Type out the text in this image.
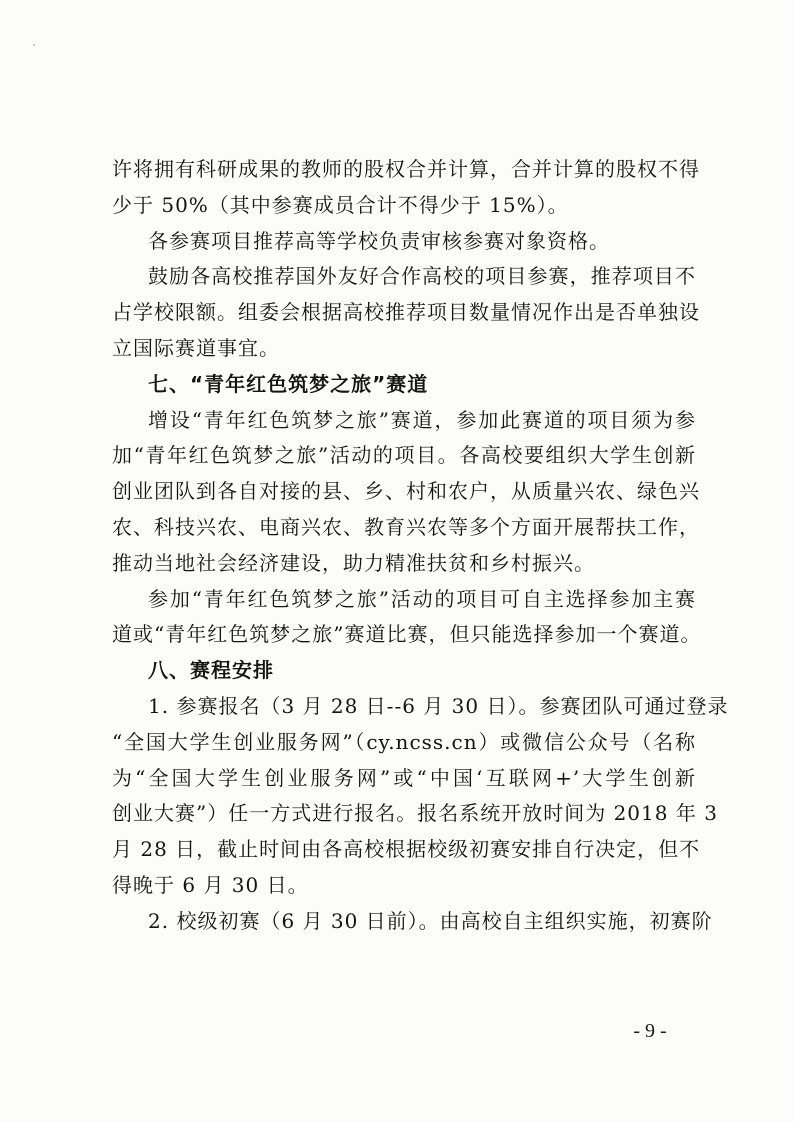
许将拥有科研成果的教师的股权合并计算，合并计算的股权不得
少于 50%（其中参赛成员合计不得少于 15%）。
各参赛项目推荐高等学校负责审核参赛对象资格。
鼓励各高校推荐国外友好合作高校的项目参赛，推荐项目不
占学校限额。组委会根据高校推荐项目数量情况作出是否单独设
立国际赛道事宜。
七、“青年红色筑梦之旅”赛道
增设“青年红色筑梦之旅”赛道，参加此赛道的项目须为参
加“青年红色筑梦之旅”活动的项目。各高校要组织大学生创新
创业团队到各自对接的县、乡、村和农户，从质量兴农、绿色兴
农、科技兴农、电商兴农、教育兴农等多个方面开展帮扶工作，
推动当地社会经济建设，助力精准扶贫和乡村振兴。
参加“青年红色筑梦之旅”活动的项目可自主选择参加主赛
道或“青年红色筑梦之旅”赛道比赛，但只能选择参加一个赛道。
八、赛程安排
1. 参赛报名（3 月 28 日--6 月 30 日）。参赛团队可通过登录
“全国大学生创业服务网”（cy.ncss.cn）或微信公众号（名称
为“全国大学生创业服务网”或“中国‘互联网+’大学生创新
创业大赛”）任一方式进行报名。报名系统开放时间为 2018 年 3
月 28 日，截止时间由各高校根据校级初赛安排自行决定，但不
得晚于 6 月 30 日。
2. 校级初赛（6 月 30 日前）。由高校自主组织实施，初赛阶
- 9 -
